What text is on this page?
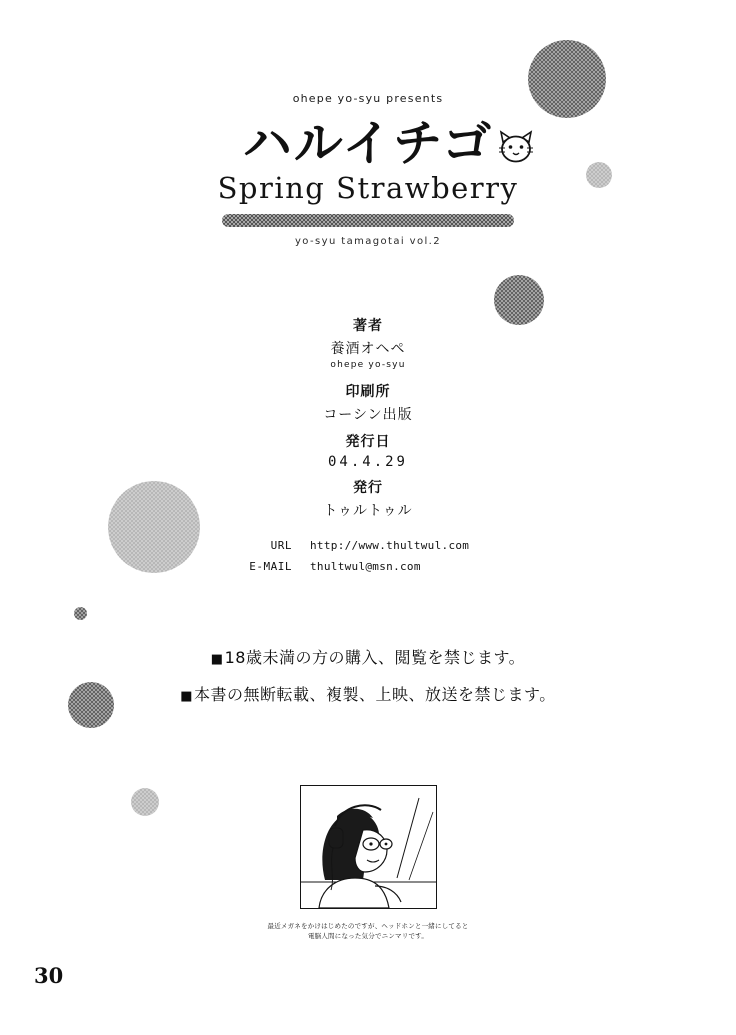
ohepe yo-syu presents
ハルイチゴ
Spring Strawberry
yo-syu tamagotai vol.2

著者

養酒オヘペ

ohepe yo-syu

印刷所

コーシン出版

発行日

04.4.29

発行

トゥルトゥル

URL http://www.thultwul.com
E-MAIL thultwul@msn.com
■18歳未満の方の購入、閲覧を禁じます。
■本書の無断転載、複製、上映、放送を禁じます。
最近メガネをかけはじめたのですが、ヘッドホンと一緒にしてると
電脳人間になった気分でニンマリです。
30
